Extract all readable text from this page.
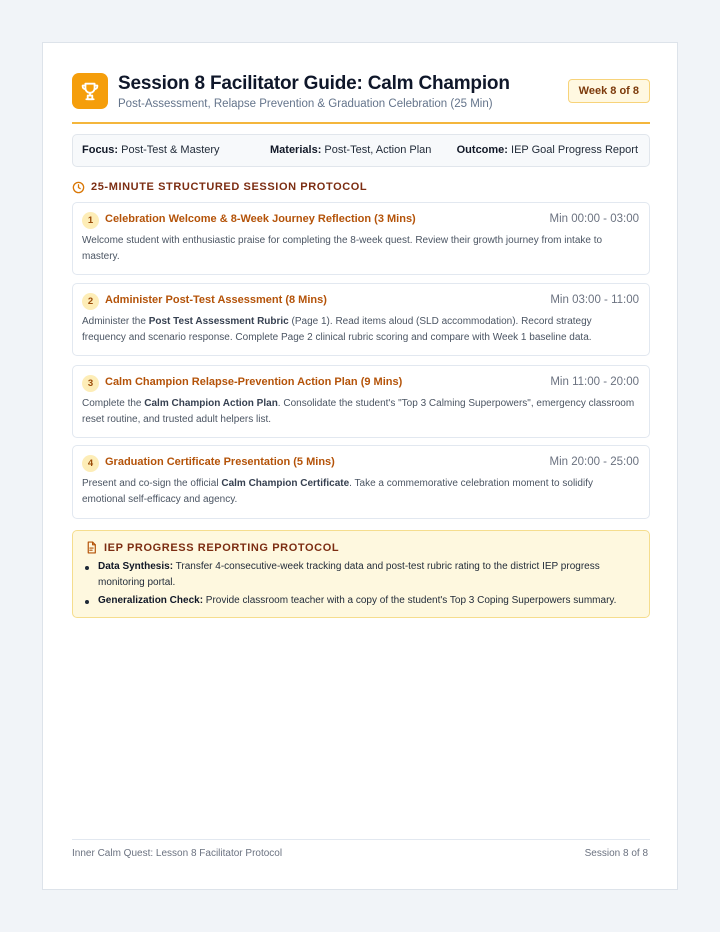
Session 8 Facilitator Guide: Calm Champion
Post-Assessment, Relapse Prevention & Graduation Celebration (25 Min)
Week 8 of 8
Focus: Post-Test & Mastery	Materials: Post-Test, Action Plan Outcome: IEP Goal Progress Report
25-MINUTE STRUCTURED SESSION PROTOCOL
1	Celebration Welcome & 8-Week Journey Reflection (3 Mins)	Min 00:00 - 03:00
Welcome student with enthusiastic praise for completing the 8-week quest. Review their growth journey from intake to mastery.
2	Administer Post-Test Assessment (8 Mins)	Min 03:00 - 11:00
Administer the Post Test Assessment Rubric (Page 1). Read items aloud (SLD accommodation). Record strategy frequency and scenario response. Complete Page 2 clinical rubric scoring and compare with Week 1 baseline data.
3	Calm Champion Relapse-Prevention Action Plan (9 Mins)	Min 11:00 - 20:00
Complete the Calm Champion Action Plan. Consolidate the student's "Top 3 Calming Superpowers", emergency classroom reset routine, and trusted adult helpers list.
4	Graduation Certificate Presentation (5 Mins)	Min 20:00 - 25:00
Present and co-sign the official Calm Champion Certificate. Take a commemorative celebration moment to solidify emotional self-efficacy and agency.
IEP PROGRESS REPORTING PROTOCOL
Data Synthesis: Transfer 4-consecutive-week tracking data and post-test rubric rating to the district IEP progress monitoring portal.
Generalization Check: Provide classroom teacher with a copy of the student's Top 3 Coping Superpowers summary.
Inner Calm Quest: Lesson 8 Facilitator Protocol	Session 8 of 8
